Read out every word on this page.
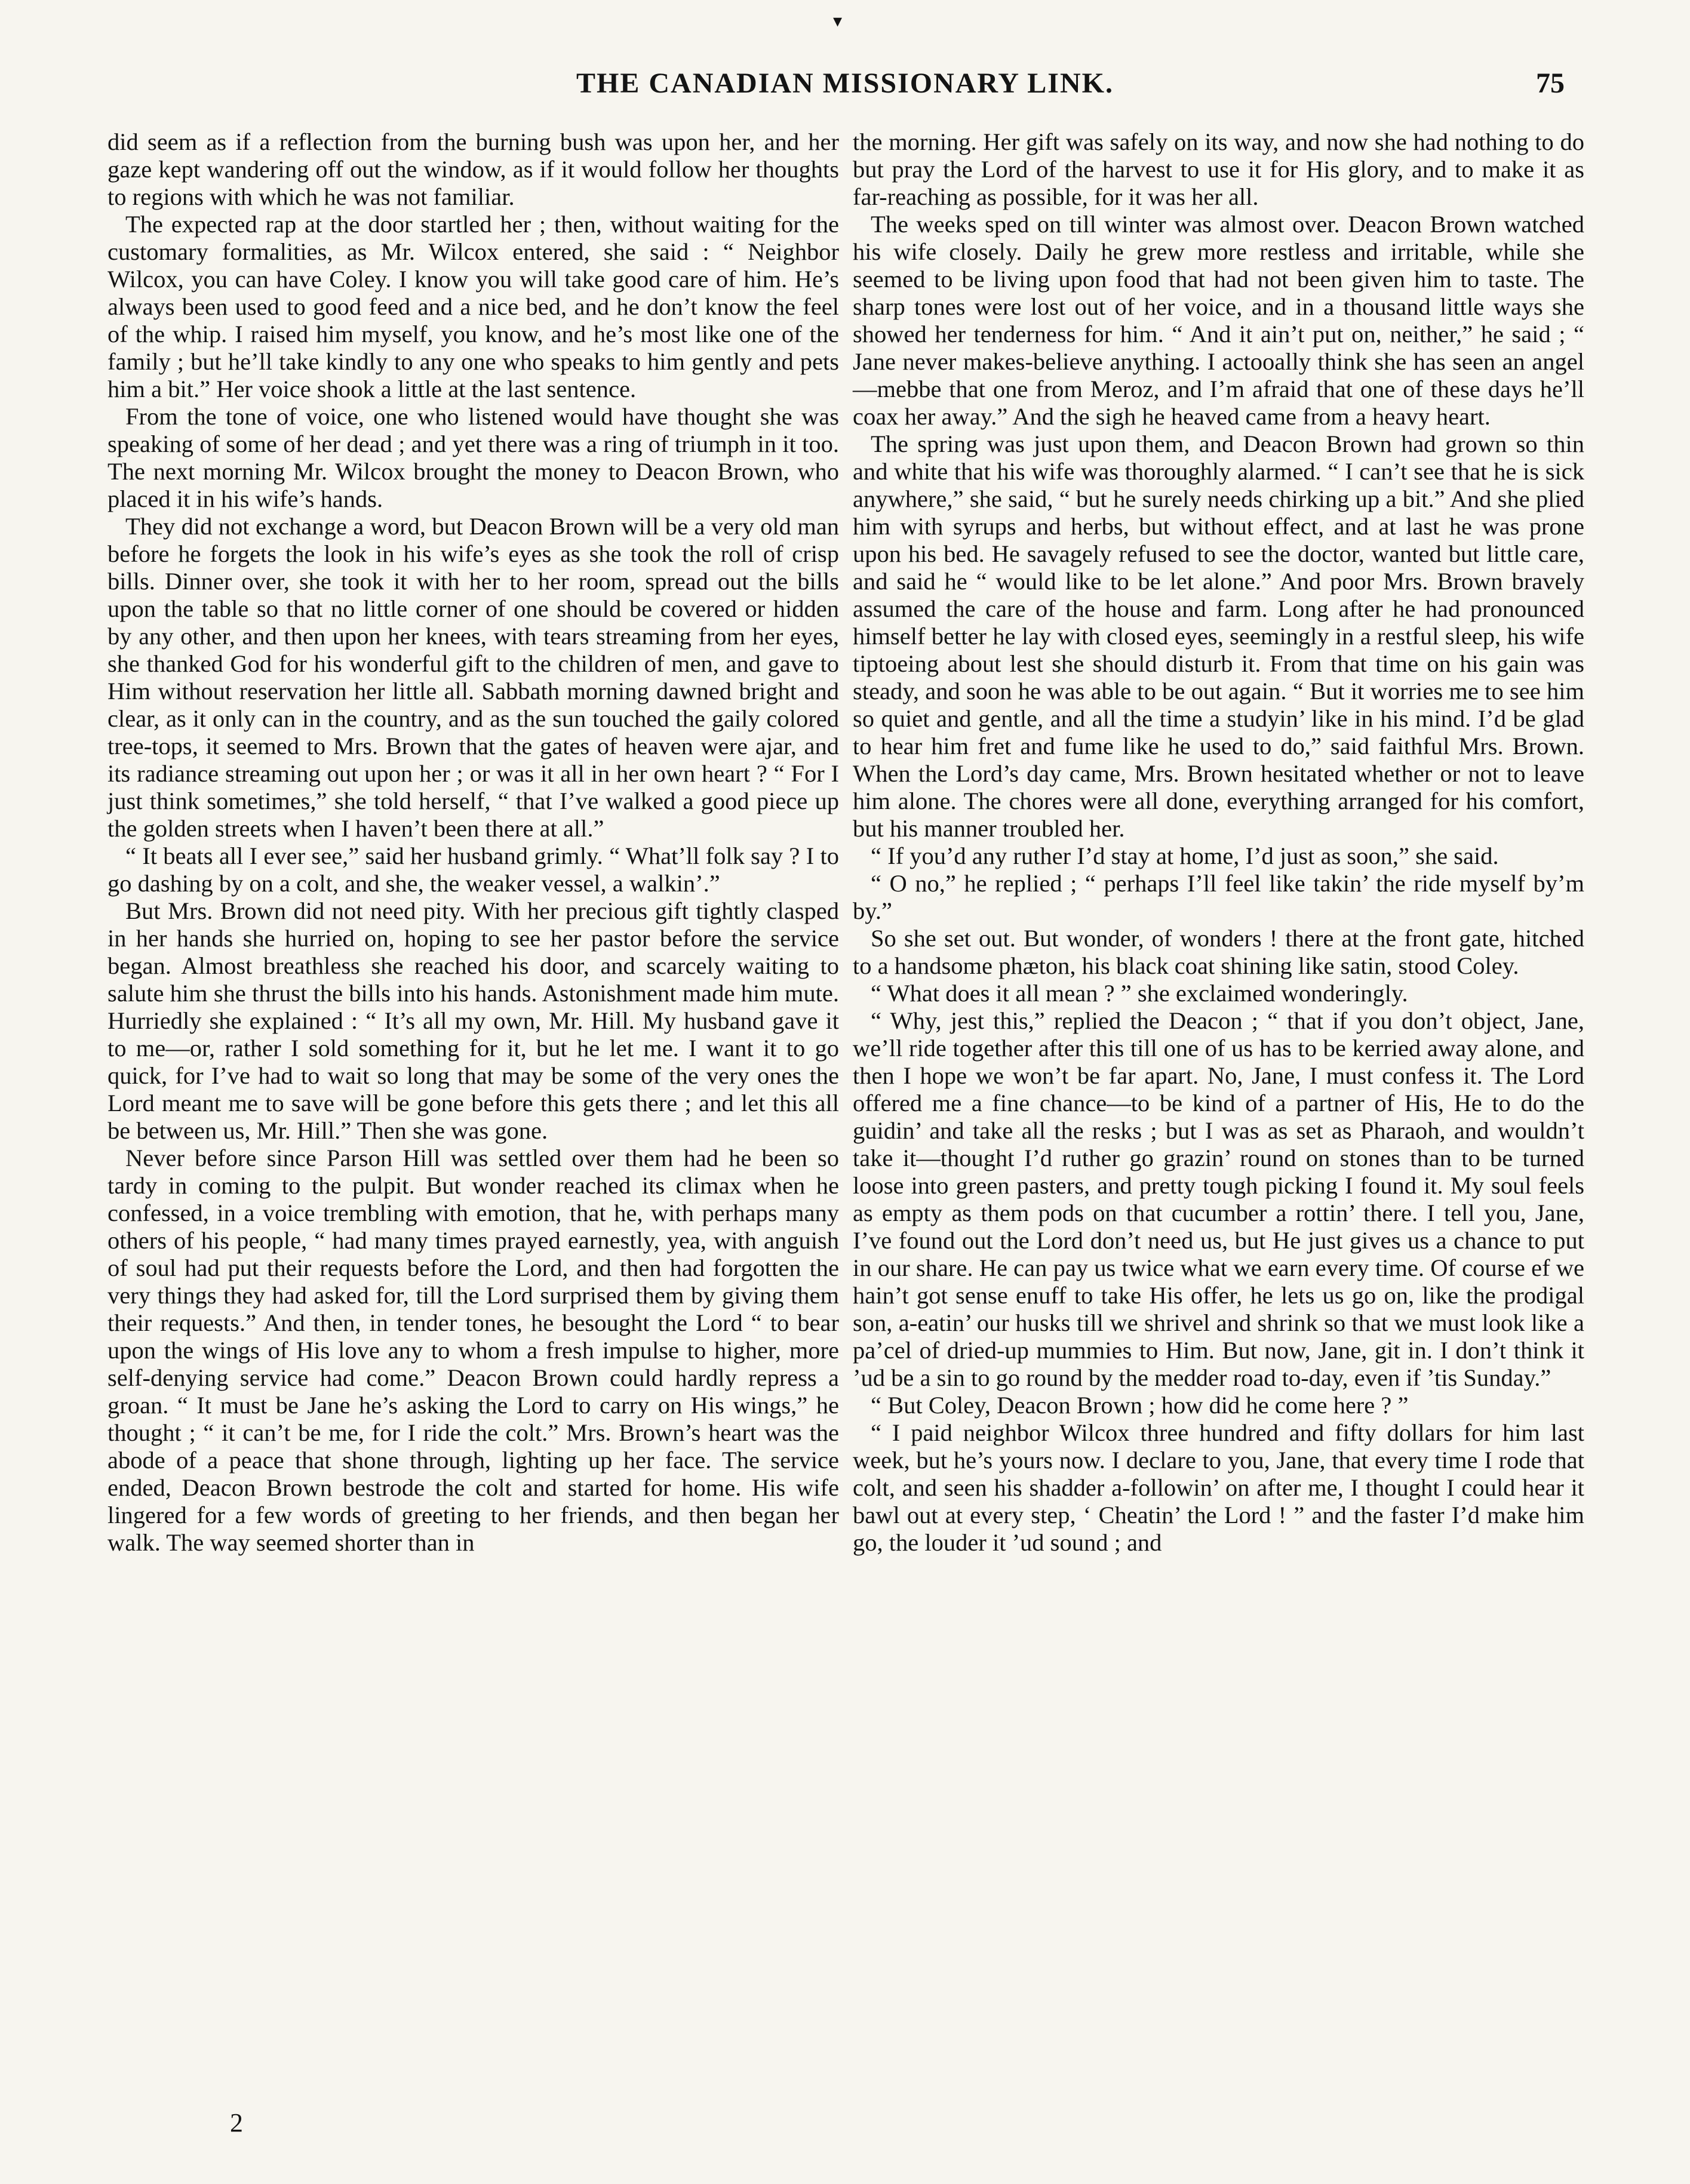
▾
THE CANADIAN MISSIONARY LINK.	75

did seem as if a reflection from the burning bush was upon her, and her gaze kept wandering off out the window, as if it would follow her thoughts to regions with which he was not familiar.

The expected rap at the door startled her ; then, without waiting for the customary formalities, as Mr. Wilcox entered, she said : “ Neighbor Wilcox, you can have Coley. I know you will take good care of him. He’s always been used to good feed and a nice bed, and he don’t know the feel of the whip. I raised him myself, you know, and he’s most like one of the family ; but he’ll take kindly to any one who speaks to him gently and pets him a bit.” Her voice shook a little at the last sentence.

From the tone of voice, one who listened would have thought she was speaking of some of her dead ; and yet there was a ring of triumph in it too. The next morning Mr. Wilcox brought the money to Deacon Brown, who placed it in his wife’s hands.

They did not exchange a word, but Deacon Brown will be a very old man before he forgets the look in his wife’s eyes as she took the roll of crisp bills. Dinner over, she took it with her to her room, spread out the bills upon the table so that no little corner of one should be covered or hidden by any other, and then upon her knees, with tears streaming from her eyes, she thanked God for his wonderful gift to the children of men, and gave to Him without reservation her little all. Sabbath morning dawned bright and clear, as it only can in the country, and as the sun touched the gaily colored tree-tops, it seemed to Mrs. Brown that the gates of heaven were ajar, and its radiance streaming out upon her ; or was it all in her own heart ? “ For I just think sometimes,” she told herself, “ that I’ve walked a good piece up the golden streets when I haven’t been there at all.”

“ It beats all I ever see,” said her husband grimly. “ What’ll folk say ? I to go dashing by on a colt, and she, the weaker vessel, a walkin’.”

But Mrs. Brown did not need pity. With her precious gift tightly clasped in her hands she hurried on, hoping to see her pastor before the service began. Almost breathless she reached his door, and scarcely waiting to salute him she thrust the bills into his hands. Astonishment made him mute. Hurriedly she explained : “ It’s all my own, Mr. Hill. My husband gave it to me—or, rather I sold something for it, but he let me. I want it to go quick, for I’ve had to wait so long that may be some of the very ones the Lord meant me to save will be gone before this gets there ; and let this all be between us, Mr. Hill.” Then she was gone.

Never before since Parson Hill was settled over them had he been so tardy in coming to the pulpit. But wonder reached its climax when he confessed, in a voice trembling with emotion, that he, with perhaps many others of his people, “ had many times prayed earnestly, yea, with anguish of soul had put their requests before the Lord, and then had forgotten the very things they had asked for, till the Lord surprised them by giving them their requests.” And then, in tender tones, he besought the Lord “ to bear upon the wings of His love any to whom a fresh impulse to higher, more self-denying service had come.” Deacon Brown could hardly repress a groan. “ It must be Jane he’s asking the Lord to carry on His wings,” he thought ; “ it can’t be me, for I ride the colt.” Mrs. Brown’s heart was the abode of a peace that shone through, lighting up her face. The service ended, Deacon Brown bestrode the colt and started for home. His wife lingered for a few words of greeting to her friends, and then began her walk. The way seemed shorter than in

the morning. Her gift was safely on its way, and now she had nothing to do but pray the Lord of the harvest to use it for His glory, and to make it as far-reaching as possible, for it was her all.

The weeks sped on till winter was almost over. Deacon Brown watched his wife closely. Daily he grew more restless and irritable, while she seemed to be living upon food that had not been given him to taste. The sharp tones were lost out of her voice, and in a thousand little ways she showed her tenderness for him. “ And it ain’t put on, neither,” he said ; “ Jane never makes-believe anything. I actooally think she has seen an angel—mebbe that one from Meroz, and I’m afraid that one of these days he’ll coax her away.” And the sigh he heaved came from a heavy heart.

The spring was just upon them, and Deacon Brown had grown so thin and white that his wife was thoroughly alarmed. “ I can’t see that he is sick anywhere,” she said, “ but he surely needs chirking up a bit.” And she plied him with syrups and herbs, but without effect, and at last he was prone upon his bed. He savagely refused to see the doctor, wanted but little care, and said he “ would like to be let alone.” And poor Mrs. Brown bravely assumed the care of the house and farm. Long after he had pronounced himself better he lay with closed eyes, seemingly in a restful sleep, his wife tiptoeing about lest she should disturb it. From that time on his gain was steady, and soon he was able to be out again. “ But it worries me to see him so quiet and gentle, and all the time a studyin’ like in his mind. I’d be glad to hear him fret and fume like he used to do,” said faithful Mrs. Brown. When the Lord’s day came, Mrs. Brown hesitated whether or not to leave him alone. The chores were all done, everything arranged for his comfort, but his manner troubled her.

“ If you’d any ruther I’d stay at home, I’d just as soon,” she said.

“ O no,” he replied ; “ perhaps I’ll feel like takin’ the ride myself by’m by.”

So she set out. But wonder, of wonders ! there at the front gate, hitched to a handsome phæton, his black coat shining like satin, stood Coley.

“ What does it all mean ? ” she exclaimed wonderingly.

“ Why, jest this,” replied the Deacon ; “ that if you don’t object, Jane, we’ll ride together after this till one of us has to be kerried away alone, and then I hope we won’t be far apart. No, Jane, I must confess it. The Lord offered me a fine chance—to be kind of a partner of His, He to do the guidin’ and take all the resks ; but I was as set as Pharaoh, and wouldn’t take it—thought I’d ruther go grazin’ round on stones than to be turned loose into green pasters, and pretty tough picking I found it. My soul feels as empty as them pods on that cucumber a rottin’ there. I tell you, Jane, I’ve found out the Lord don’t need us, but He just gives us a chance to put in our share. He can pay us twice what we earn every time. Of course ef we hain’t got sense enuff to take His offer, he lets us go on, like the prodigal son, a-eatin’ our husks till we shrivel and shrink so that we must look like a pa’cel of dried-up mummies to Him. But now, Jane, git in. I don’t think it ’ud be a sin to go round by the medder road to-day, even if ’tis Sunday.”

“ But Coley, Deacon Brown ; how did he come here ? ”

“ I paid neighbor Wilcox three hundred and fifty dollars for him last week, but he’s yours now. I declare to you, Jane, that every time I rode that colt, and seen his shadder a-followin’ on after me, I thought I could hear it bawl out at every step, ‘ Cheatin’ the Lord ! ” and the faster I’d make him go, the louder it ’ud sound ; and

2
